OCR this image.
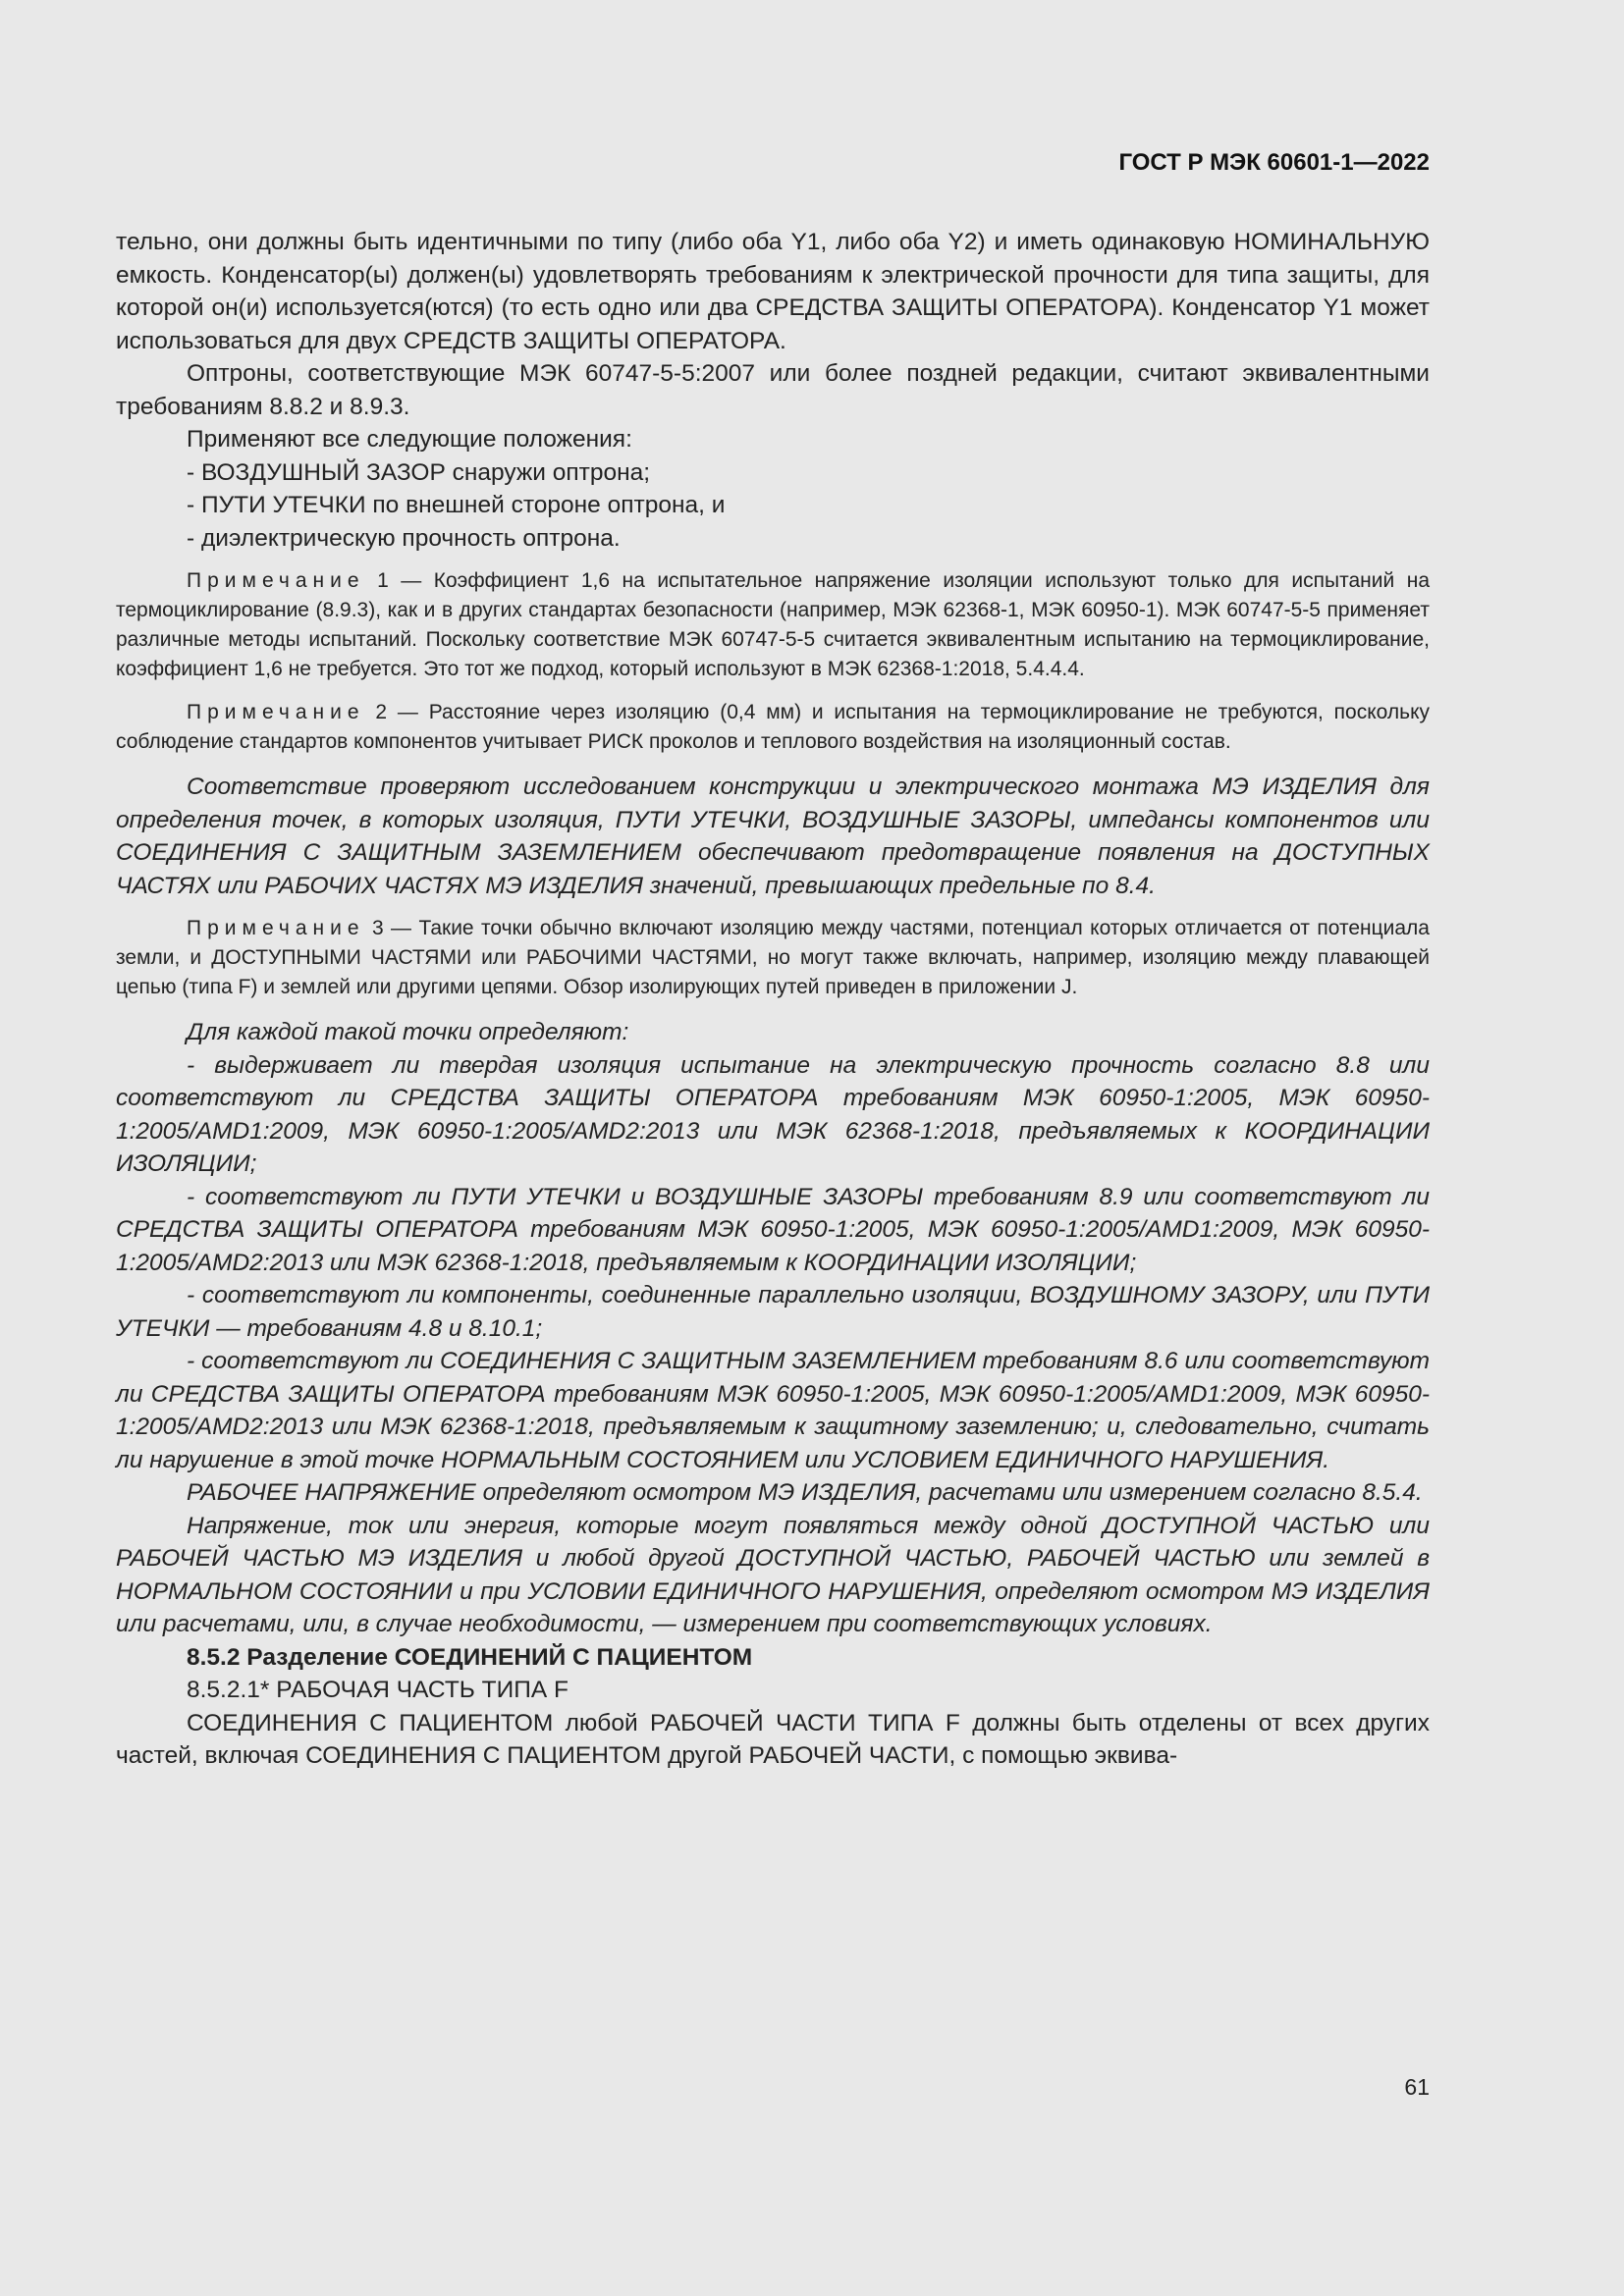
ГОСТ Р МЭК 60601-1—2022

тельно, они должны быть идентичными по типу (либо оба Y1, либо оба Y2) и иметь одинаковую НОМИНАЛЬНУЮ емкость. Конденсатор(ы) должен(ы) удовлетворять требованиям к электрической прочности для типа защиты, для которой он(и) используется(ются) (то есть одно или два СРЕДСТВА ЗАЩИТЫ ОПЕРАТОРА). Конденсатор Y1 может использоваться для двух СРЕДСТВ ЗАЩИТЫ ОПЕРАТОРА.

Оптроны, соответствующие МЭК 60747-5-5:2007 или более поздней редакции, считают эквивалентными требованиям 8.8.2 и 8.9.3.

Применяют все следующие положения:

- ВОЗДУШНЫЙ ЗАЗОР снаружи оптрона;

- ПУТИ УТЕЧКИ по внешней стороне оптрона, и

- диэлектрическую прочность оптрона.

Примечание 1 — Коэффициент 1,6 на испытательное напряжение изоляции используют только для испытаний на термоциклирование (8.9.3), как и в других стандартах безопасности (например, МЭК 62368-1, МЭК 60950-1). МЭК 60747-5-5 применяет различные методы испытаний. Поскольку соответствие МЭК 60747-5-5 считается эквивалентным испытанию на термоциклирование, коэффициент 1,6 не требуется. Это тот же подход, который используют в МЭК 62368-1:2018, 5.4.4.4.

Примечание 2 — Расстояние через изоляцию (0,4 мм) и испытания на термоциклирование не требуются, поскольку соблюдение стандартов компонентов учитывает РИСК проколов и теплового воздействия на изоляционный состав.

Соответствие проверяют исследованием конструкции и электрического монтажа МЭ ИЗДЕЛИЯ для определения точек, в которых изоляция, ПУТИ УТЕЧКИ, ВОЗДУШНЫЕ ЗАЗОРЫ, импедансы компонентов или СОЕДИНЕНИЯ С ЗАЩИТНЫМ ЗАЗЕМЛЕНИЕМ обеспечивают предотвращение появления на ДОСТУПНЫХ ЧАСТЯХ или РАБОЧИХ ЧАСТЯХ МЭ ИЗДЕЛИЯ значений, превышающих предельные по 8.4.

Примечание 3 — Такие точки обычно включают изоляцию между частями, потенциал которых отличается от потенциала земли, и ДОСТУПНЫМИ ЧАСТЯМИ или РАБОЧИМИ ЧАСТЯМИ, но могут также включать, например, изоляцию между плавающей цепью (типа F) и землей или другими цепями. Обзор изолирующих путей приведен в приложении J.

Для каждой такой точки определяют:

- выдерживает ли твердая изоляция испытание на электрическую прочность согласно 8.8 или соответствуют ли СРЕДСТВА ЗАЩИТЫ ОПЕРАТОРА требованиям МЭК 60950-1:2005, МЭК 60950-1:2005/AMD1:2009, МЭК 60950-1:2005/AMD2:2013 или МЭК 62368-1:2018, предъявляемых к КООРДИНАЦИИ ИЗОЛЯЦИИ;

- соответствуют ли ПУТИ УТЕЧКИ и ВОЗДУШНЫЕ ЗАЗОРЫ требованиям 8.9 или соответствуют ли СРЕДСТВА ЗАЩИТЫ ОПЕРАТОРА требованиям МЭК 60950-1:2005, МЭК 60950-1:2005/AMD1:2009, МЭК 60950-1:2005/AMD2:2013 или МЭК 62368-1:2018, предъявляемым к КООРДИНАЦИИ ИЗОЛЯЦИИ;

- соответствуют ли компоненты, соединенные параллельно изоляции, ВОЗДУШНОМУ ЗАЗОРУ, или ПУТИ УТЕЧКИ — требованиям 4.8 и 8.10.1;

- соответствуют ли СОЕДИНЕНИЯ С ЗАЩИТНЫМ ЗАЗЕМЛЕНИЕМ требованиям 8.6 или соответствуют ли СРЕДСТВА ЗАЩИТЫ ОПЕРАТОРА требованиям МЭК 60950-1:2005, МЭК 60950-1:2005/AMD1:2009, МЭК 60950-1:2005/AMD2:2013 или МЭК 62368-1:2018, предъявляемым к защитному заземлению; и, следовательно, считать ли нарушение в этой точке НОРМАЛЬНЫМ СОСТОЯНИЕМ или УСЛОВИЕМ ЕДИНИЧНОГО НАРУШЕНИЯ.

РАБОЧЕЕ НАПРЯЖЕНИЕ определяют осмотром МЭ ИЗДЕЛИЯ, расчетами или измерением согласно 8.5.4.

Напряжение, ток или энергия, которые могут появляться между одной ДОСТУПНОЙ ЧАСТЬЮ или РАБОЧЕЙ ЧАСТЬЮ МЭ ИЗДЕЛИЯ и любой другой ДОСТУПНОЙ ЧАСТЬЮ, РАБОЧЕЙ ЧАСТЬЮ или землей в НОРМАЛЬНОМ СОСТОЯНИИ и при УСЛОВИИ ЕДИНИЧНОГО НАРУШЕНИЯ, определяют осмотром МЭ ИЗДЕЛИЯ или расчетами, или, в случае необходимости, — измерением при соответствующих условиях.

8.5.2 Разделение СОЕДИНЕНИЙ С ПАЦИЕНТОМ

8.5.2.1* РАБОЧАЯ ЧАСТЬ ТИПА F

СОЕДИНЕНИЯ С ПАЦИЕНТОМ любой РАБОЧЕЙ ЧАСТИ ТИПА F должны быть отделены от всех других частей, включая СОЕДИНЕНИЯ С ПАЦИЕНТОМ другой РАБОЧЕЙ ЧАСТИ, с помощью эквива-

61
